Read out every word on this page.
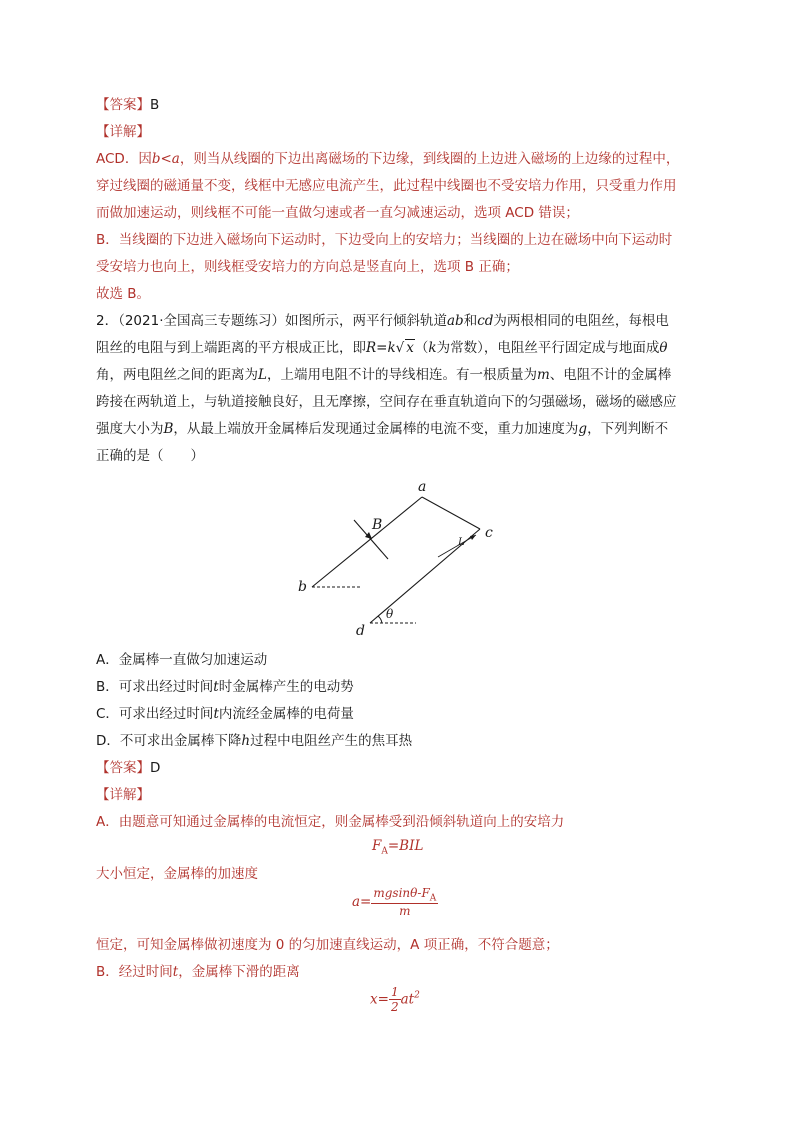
【答案】B
【详解】
ACD．因b<a，则当从线圈的下边出离磁场的下边缘，到线圈的上边进入磁场的上边缘的过程中，
穿过线圈的磁通量不变，线框中无感应电流产生，此过程中线圈也不受安培力作用，只受重力作用
而做加速运动，则线框不可能一直做匀速或者一直匀减速运动，选项 ACD 错误；
B．当线圈的下边进入磁场向下运动时，下边受向上的安培力；当线圈的上边在磁场中向下运动时
受安培力也向上，则线框受安培力的方向总是竖直向上，选项 B 正确；
故选 B。
2．（2021·全国高三专题练习）如图所示，两平行倾斜轨道ab和cd为两根相同的电阻丝，每根电
阻丝的电阻与到上端距离的平方根成正比，即R=k√ x（k为常数），电阻丝平行固定成与地面成θ
角，两电阻丝之间的距离为L，上端用电阻不计的导线相连。有一根质量为m、电阻不计的金属棒
跨接在两轨道上，与轨道接触良好，且无摩擦，空间存在垂直轨道向下的匀强磁场，磁场的磁感应
强度大小为B，从最上端放开金属棒后发现通过金属棒的电流不变，重力加速度为g，下列判断不
正确的是（　　）
a
b
c
d
B
θ
L
A．金属棒一直做匀加速运动
B．可求出经过时间t时金属棒产生的电动势
C．可求出经过时间t内流经金属棒的电荷量
D．不可求出金属棒下降h过程中电阻丝产生的焦耳热
【答案】D
【详解】
A．由题意可知通过金属棒的电流恒定，则金属棒受到沿倾斜轨道向上的安培力
$F_A=BIL$
大小恒定，金属棒的加速度
$a= \frac{mgsin\theta-F_A}{m}$
恒定，可知金属棒做初速度为 0 的匀加速直线运动，A 项正确，不符合题意；
B．经过时间t，金属棒下滑的距离
$x= \frac{1}{2} at^2$
